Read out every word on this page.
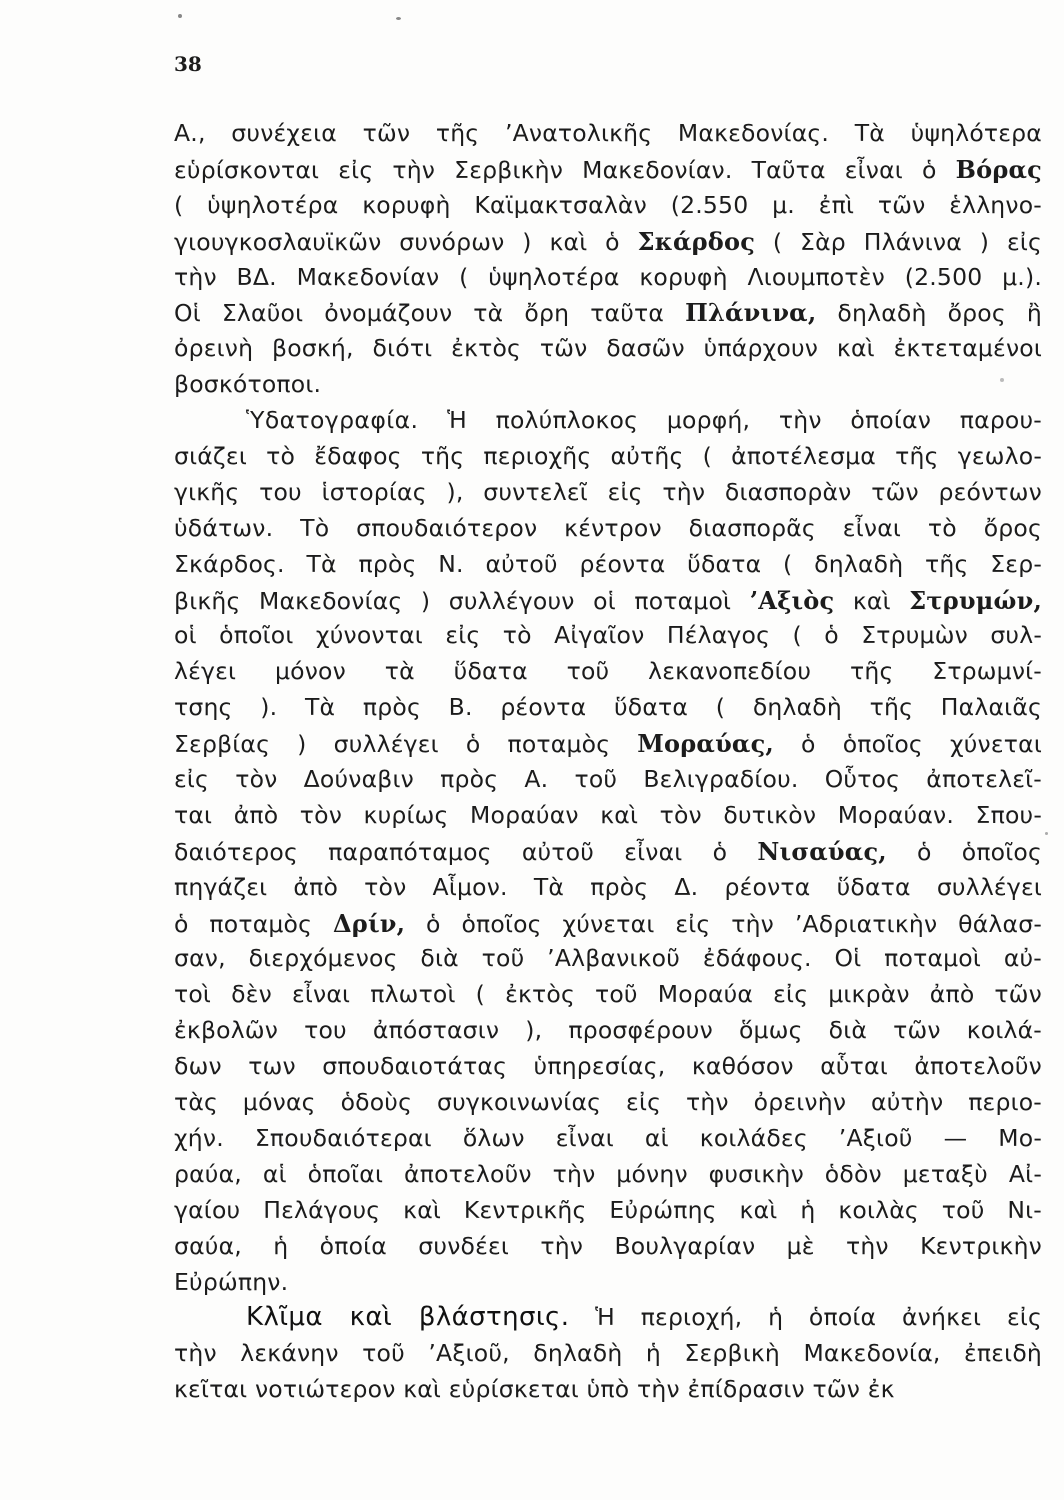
38
Α., συνέχεια τῶν τῆς ’Ανατολικῆς Μακεδονίας. Τὰ ὑψηλότερα
εὑρίσκονται εἰς τὴν Σερβικὴν Μακεδονίαν. Ταῦτα εἶναι ὁ Βόρας
( ὑψηλοτέρα κορυφὴ Καϊμακτσαλὰν (2.550 μ. ἐπὶ τῶν ἑλληνο-
γιουγκοσλαυϊκῶν συνόρων ) καὶ ὁ Σκάρδος ( Σὰρ Πλάνινα ) εἰς
τὴν ΒΔ. Μακεδονίαν ( ὑψηλοτέρα κορυφὴ Λιουμποτὲν (2.500 μ.).
Οἱ Σλαῦοι ὀνομάζουν τὰ ὄρη ταῦτα Πλάνινα, δηλαδὴ ὄρος ἢ
ὀρεινὴ βοσκή, διότι ἐκτὸς τῶν δασῶν ὑπάρχουν καὶ ἐκτεταμένοι
βοσκότοποι.
Ὑδατογραφία. Ἡ πολύπλοκος μορφή, τὴν ὁποίαν παρου-
σιάζει τὸ ἔδαφος τῆς περιοχῆς αὐτῆς ( ἀποτέλεσμα τῆς γεωλο-
γικῆς του ἱστορίας ), συντελεῖ εἰς τὴν διασπορὰν τῶν ρεόντων
ὑδάτων. Τὸ σπουδαιότερον κέντρον διασπορᾶς εἶναι τὸ ὄρος
Σκάρδος. Τὰ πρὸς Ν. αὐτοῦ ρέοντα ὕδατα ( δηλαδὴ τῆς Σερ-
βικῆς Μακεδονίας ) συλλέγουν οἱ ποταμοὶ ’Αξιὸς καὶ Στρυμών,
οἱ ὁποῖοι χύνονται εἰς τὸ Αἰγαῖον Πέλαγος ( ὁ Στρυμὼν συλ-
λέγει μόνον τὰ ὕδατα τοῦ λεκανοπεδίου τῆς Στρωμνί-
τσης ). Τὰ πρὸς Β. ρέοντα ὕδατα ( δηλαδὴ τῆς Παλαιᾶς
Σερβίας ) συλλέγει ὁ ποταμὸς Μοραύας, ὁ ὁποῖος χύνεται
εἰς τὸν Δούναβιν πρὸς Α. τοῦ Βελιγραδίου. Οὗτος ἀποτελεῖ-
ται ἀπὸ τὸν κυρίως Μοραύαν καὶ τὸν δυτικὸν Μοραύαν. Σπου-
δαιότερος παραπόταμος αὐτοῦ εἶναι ὁ Νισαύας, ὁ ὁποῖος
πηγάζει ἀπὸ τὸν Αἷμον. Τὰ πρὸς Δ. ρέοντα ὕδατα συλλέγει
ὁ ποταμὸς Δρίν, ὁ ὁποῖος χύνεται εἰς τὴν ’Αδριατικὴν θάλασ-
σαν, διερχόμενος διὰ τοῦ ’Αλβανικοῦ ἐδάφους. Οἱ ποταμοὶ αὐ-
τοὶ δὲν εἶναι πλωτοὶ ( ἐκτὸς τοῦ Μοραύα εἰς μικρὰν ἀπὸ τῶν
ἐκβολῶν του ἀπόστασιν ), προσφέρουν ὅμως διὰ τῶν κοιλά-
δων των σπουδαιοτάτας ὑπηρεσίας, καθόσον αὗται ἀποτελοῦν
τὰς μόνας ὁδοὺς συγκοινωνίας εἰς τὴν ὀρεινὴν αὐτὴν περιο-
χήν. Σπουδαιότεραι ὅλων εἶναι αἱ κοιλάδες ’Αξιοῦ — Μο-
ραύα, αἱ ὁποῖαι ἀποτελοῦν τὴν μόνην φυσικὴν ὁδὸν μεταξὺ Αἰ-
γαίου Πελάγους καὶ Κεντρικῆς Εὐρώπης καὶ ἡ κοιλὰς τοῦ Νι-
σαύα, ἡ ὁποία συνδέει τὴν Βουλγαρίαν μὲ τὴν Κεντρικὴν
Εὐρώπην.
Κλῖμα καὶ βλάστησις. Ἡ περιοχή, ἡ ὁποία ἀνήκει εἰς
τὴν λεκάνην τοῦ ’Αξιοῦ, δηλαδὴ ἡ Σερβικὴ Μακεδονία, ἐπειδὴ
κεῖται νοτιώτερον καὶ εὑρίσκεται ὑπὸ τὴν ἐπίδρασιν τῶν ἐκ
